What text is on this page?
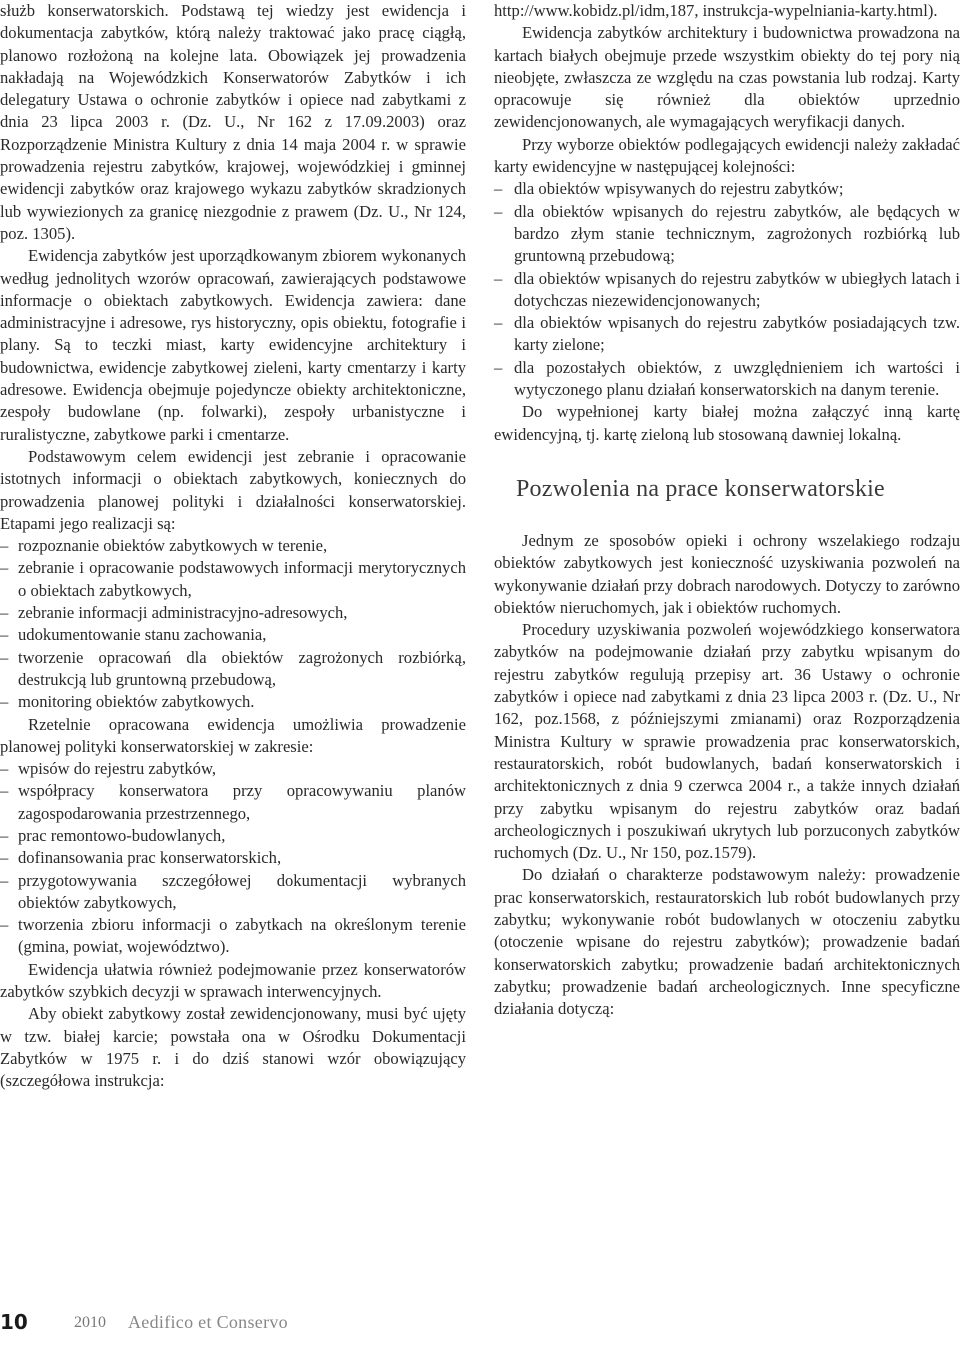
służb konserwatorskich. Podstawą tej wiedzy jest ewidencja i dokumentacja zabytków, którą należy traktować jako pracę ciągłą, planowo rozłożoną na kolejne lata. Obowiązek jej prowadzenia nakładają na Wojewódzkich Konserwatorów Zabytków i ich delegatury Ustawa o ochronie zabytków i opiece nad zabytkami z dnia 23 lipca 2003 r. (Dz. U., Nr 162 z 17.09.2003) oraz Rozporządzenie Ministra Kultury z dnia 14 maja 2004 r. w sprawie prowadzenia rejestru zabytków, krajowej, wojewódzkiej i gminnej ewidencji zabytków oraz krajowego wykazu zabytków skradzionych lub wywiezionych za granicę niezgodnie z prawem (Dz. U., Nr 124, poz. 1305).

Ewidencja zabytków jest uporządkowanym zbiorem wykonanych według jednolitych wzorów opracowań, zawierających podstawowe informacje o obiektach zabytkowych. Ewidencja zawiera: dane administracyjne i adresowe, rys historyczny, opis obiektu, fotografie i plany. Są to teczki miast, karty ewidencyjne architektury i budownictwa, ewidencje zabytkowej zieleni, karty cmentarzy i karty adresowe. Ewidencja obejmuje pojedyncze obiekty architektoniczne, zespoły budowlane (np. folwarki), zespoły urbanistyczne i ruralistyczne, zabytkowe parki i cmentarze.

Podstawowym celem ewidencji jest zebranie i opracowanie istotnych informacji o obiektach zabytkowych, koniecznych do prowadzenia planowej polityki i działalności konserwatorskiej. Etapami jego realizacji są:

– rozpoznanie obiektów zabytkowych w terenie,
– zebranie i opracowanie podstawowych informacji merytorycznych o obiektach zabytkowych,
– zebranie informacji administracyjno-adresowych,
– udokumentowanie stanu zachowania,
– tworzenie opracowań dla obiektów zagrożonych rozbiórką, destrukcją lub gruntowną przebudową,
– monitoring obiektów zabytkowych.

Rzetelnie opracowana ewidencja umożliwia prowadzenie planowej polityki konserwatorskiej w zakresie:

– wpisów do rejestru zabytków,
– współpracy konserwatora przy opracowywaniu planów zagospodarowania przestrzennego,
– prac remontowo-budowlanych,
– dofinansowania prac konserwatorskich,
– przygotowywania szczegółowej dokumentacji wybranych obiektów zabytkowych,
– tworzenia zbioru informacji o zabytkach na określonym terenie (gmina, powiat, województwo).

Ewidencja ułatwia również podejmowanie przez konserwatorów zabytków szybkich decyzji w sprawach interwencyjnych.

Aby obiekt zabytkowy został zewidencjonowany, musi być ujęty w tzw. białej karcie; powstała ona w Ośrodku Dokumentacji Zabytków w 1975 r. i do dziś stanowi wzór obowiązujący (szczegółowa instrukcja:

http://www.kobidz.pl/idm,187, instrukcja-wypelniania-karty.html).

Ewidencja zabytków architektury i budownictwa prowadzona na kartach białych obejmuje przede wszystkim obiekty do tej pory nią nieobjęte, zwłaszcza ze względu na czas powstania lub rodzaj. Karty opracowuje się również dla obiektów uprzednio zewidencjonowanych, ale wymagających weryfikacji danych.

Przy wyborze obiektów podlegających ewidencji należy zakładać karty ewidencyjne w następującej kolejności:

– dla obiektów wpisywanych do rejestru zabytków;
– dla obiektów wpisanych do rejestru zabytków, ale będących w bardzo złym stanie technicznym, zagrożonych rozbiórką lub gruntowną przebudową;
– dla obiektów wpisanych do rejestru zabytków w ubiegłych latach i dotychczas niezewidencjonowanych;
– dla obiektów wpisanych do rejestru zabytków posiadających tzw. karty zielone;
– dla pozostałych obiektów, z uwzględnieniem ich wartości i wytyczonego planu działań konserwatorskich na danym terenie.

Do wypełnionej karty białej można załączyć inną kartę ewidencyjną, tj. kartę zieloną lub stosowaną dawniej lokalną.

Pozwolenia na prace konserwatorskie

Jednym ze sposobów opieki i ochrony wszelakiego rodzaju obiektów zabytkowych jest konieczność uzyskiwania pozwoleń na wykonywanie działań przy dobrach narodowych. Dotyczy to zarówno obiektów nieruchomych, jak i obiektów ruchomych.

Procedury uzyskiwania pozwoleń wojewódzkiego konserwatora zabytków na podejmowanie działań przy zabytku wpisanym do rejestru zabytków regulują przepisy art. 36 Ustawy o ochronie zabytków i opiece nad zabytkami z dnia 23 lipca 2003 r. (Dz. U., Nr 162, poz.1568, z późniejszymi zmianami) oraz Rozporządzenia Ministra Kultury w sprawie prowadzenia prac konserwatorskich, restauratorskich, robót budowlanych, badań konserwatorskich i architektonicznych z dnia 9 czerwca 2004 r., a także innych działań przy zabytku wpisanym do rejestru zabytków oraz badań archeologicznych i poszukiwań ukrytych lub porzuconych zabytków ruchomych (Dz. U., Nr 150, poz.1579).

Do działań o charakterze podstawowym należy: prowadzenie prac konserwatorskich, restauratorskich lub robót budowlanych przy zabytku; wykonywanie robót budowlanych w otoczeniu zabytku (otoczenie wpisane do rejestru zabytków); prowadzenie badań konserwatorskich zabytku; prowadzenie badań architektonicznych zabytku; prowadzenie badań archeologicznych. Inne specyficzne działania dotyczą:

10	2010 Aedifico et Conservo
